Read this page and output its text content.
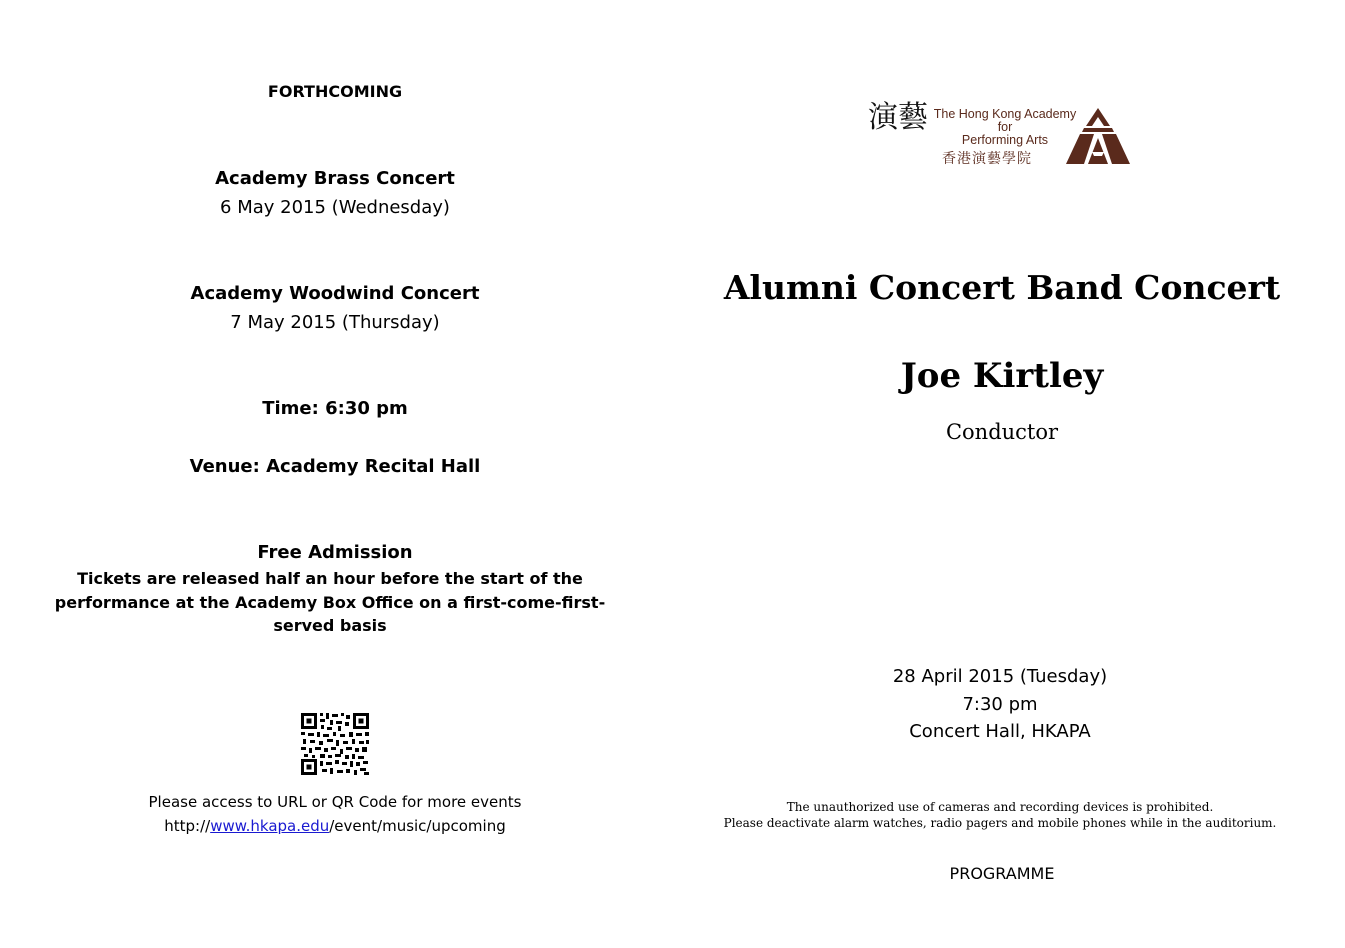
FORTHCOMING
Academy Brass Concert
6 May 2015 (Wednesday)
Academy Woodwind Concert
7 May 2015 (Thursday)
Time: 6:30 pm
Venue: Academy Recital Hall
Free Admission
Tickets are released half an hour before the start of the performance at the Academy Box Office on a first-come-first-served basis
Please access to URL or QR Code for more events
http://www.hkapa.edu/event/music/upcoming
演藝 The Hong Kong Academy
for
Performing Arts
香港演藝學院
Alumni Concert Band Concert
Joe Kirtley
Conductor
28 April 2015 (Tuesday)
7:30 pm
Concert Hall, HKAPA
The unauthorized use of cameras and recording devices is prohibited.
Please deactivate alarm watches, radio pagers and mobile phones while in the auditorium.
PROGRAMME
